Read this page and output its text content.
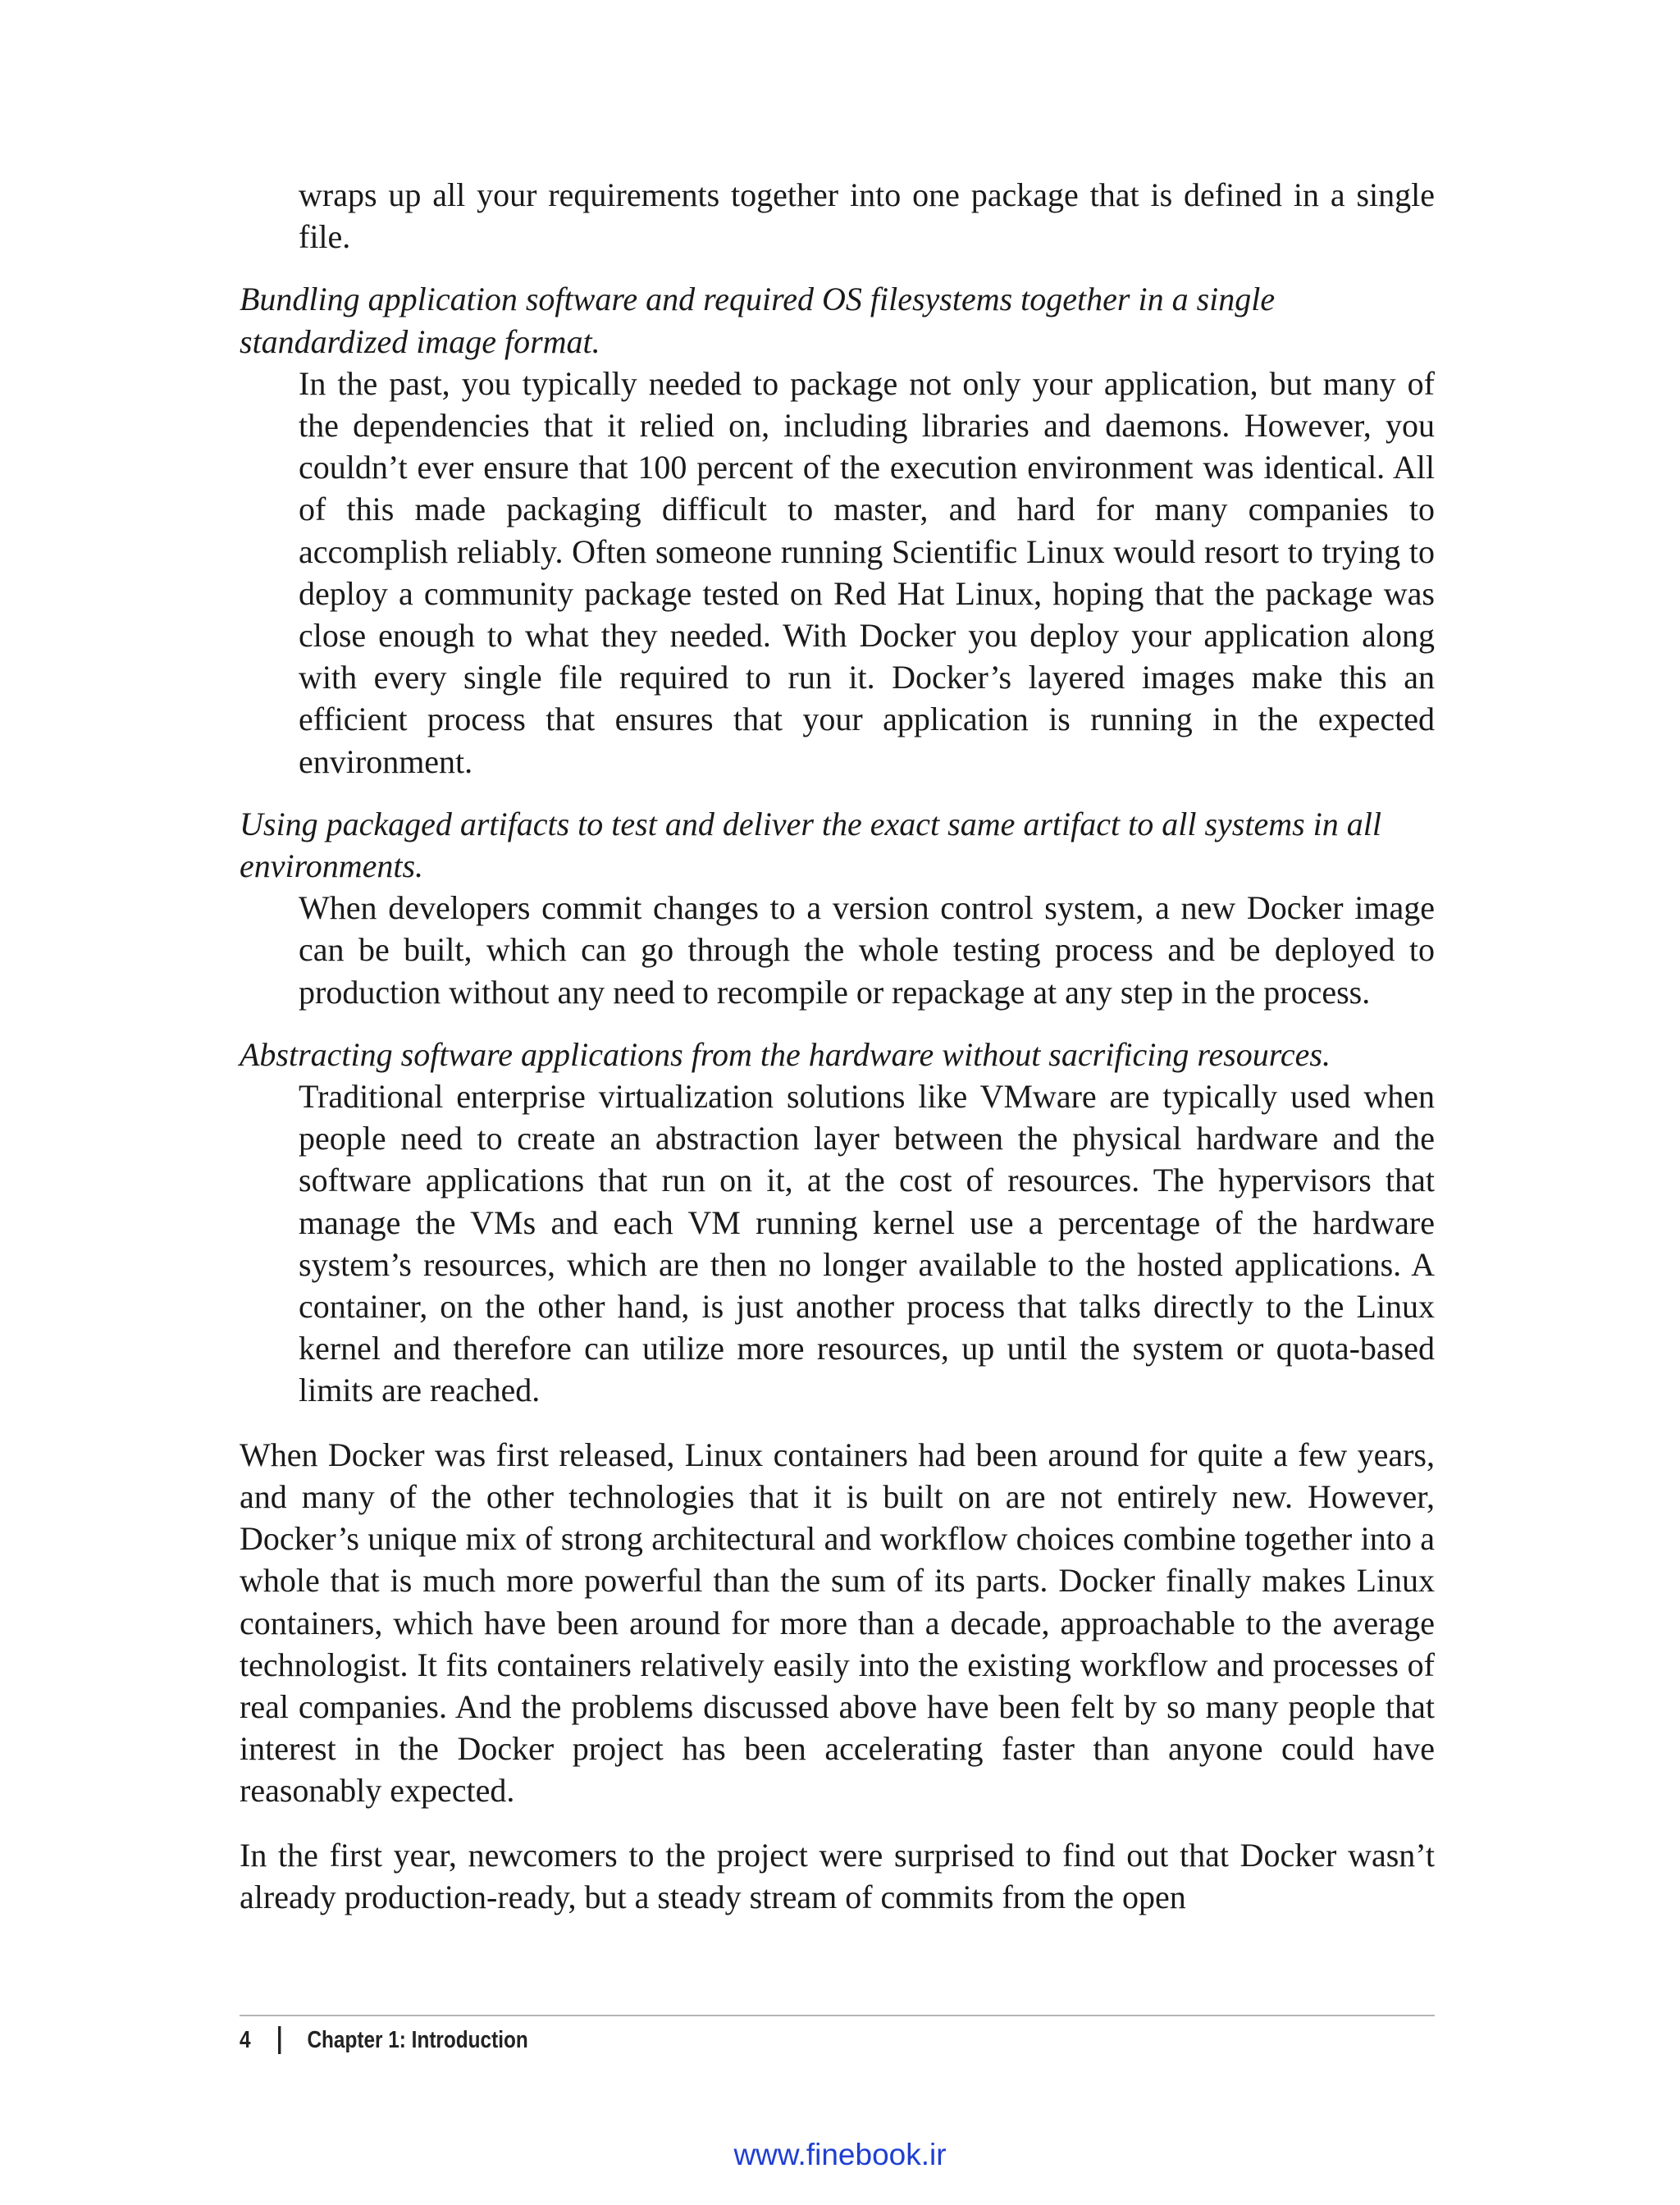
wraps up all your requirements together into one package that is defined in a single file.

Bundling application software and required OS filesystems together in a single standardized image format.

In the past, you typically needed to package not only your application, but many of the dependencies that it relied on, including libraries and daemons. However, you couldn’t ever ensure that 100 percent of the execution environment was identical. All of this made packaging difficult to master, and hard for many companies to accomplish reliably. Often someone running Scientific Linux would resort to trying to deploy a community package tested on Red Hat Linux, hoping that the package was close enough to what they needed. With Docker you deploy your application along with every single file required to run it. Docker’s layered images make this an efficient process that ensures that your application is running in the expected environment.

Using packaged artifacts to test and deliver the exact same artifact to all systems in all environments.

When developers commit changes to a version control system, a new Docker image can be built, which can go through the whole testing process and be deployed to production without any need to recompile or repackage at any step in the process.

Abstracting software applications from the hardware without sacrificing resources.

Traditional enterprise virtualization solutions like VMware are typically used when people need to create an abstraction layer between the physical hardware and the software applications that run on it, at the cost of resources. The hypervisors that manage the VMs and each VM running kernel use a percentage of the hardware system’s resources, which are then no longer available to the hosted applications. A container, on the other hand, is just another process that talks directly to the Linux kernel and therefore can utilize more resources, up until the system or quota-based limits are reached.

When Docker was first released, Linux containers had been around for quite a few years, and many of the other technologies that it is built on are not entirely new. However, Docker’s unique mix of strong architectural and workflow choices combine together into a whole that is much more powerful than the sum of its parts. Docker finally makes Linux containers, which have been around for more than a decade, approachable to the average technologist. It fits containers relatively easily into the existing workflow and processes of real companies. And the problems discussed above have been felt by so many people that interest in the Docker project has been accelerating faster than anyone could have reasonably expected.

In the first year, newcomers to the project were surprised to find out that Docker wasn’t already production-ready, but a steady stream of commits from the open

4 Chapter 1: Introduction
www.finebook.ir
